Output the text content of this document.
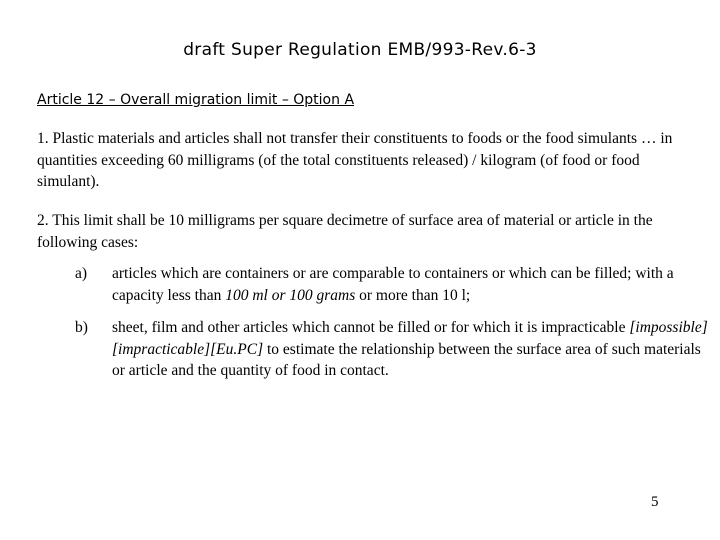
draft Super Regulation EMB/993-Rev.6-3
Article 12 – Overall migration limit – Option A

1. Plastic materials and articles shall not transfer their constituents to foods or the food simulants … in quantities exceeding 60 milligrams (of the total constituents released) / kilogram (of food or food simulant).

2. This limit shall be 10 milligrams per square decimetre of surface area of material or article in the following cases:

a) articles which are containers or are comparable to containers or which can be filled; with a capacity less than 100 ml or 100 grams or more than 10 l;
b) sheet, film and other articles which cannot be filled or for which it is impracticable [impossible][impracticable][Eu.PC] to estimate the relationship between the surface area of such materials or article and the quantity of food in contact.
5
